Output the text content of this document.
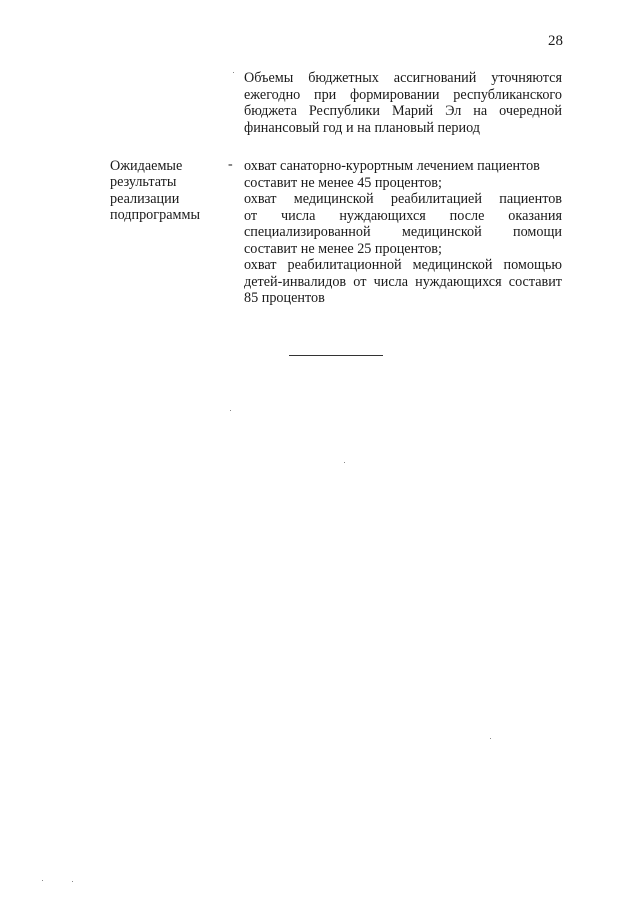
28
Объемы бюджетных ассигнований уточняются
ежегодно при формировании республиканского
бюджета Республики Марий Эл на очередной
финансовый год и на плановый период
Ожидаемые
результаты
реализации
подпрограммы
- охват санаторно-курортным лечением пациентов
составит не менее 45 процентов;
охват медицинской реабилитацией пациентов
от числа нуждающихся после оказания
специализированной медицинской помощи
составит не менее 25 процентов;
охват реабилитационной медицинской помощью
детей-инвалидов от числа нуждающихся составит
85 процентов
